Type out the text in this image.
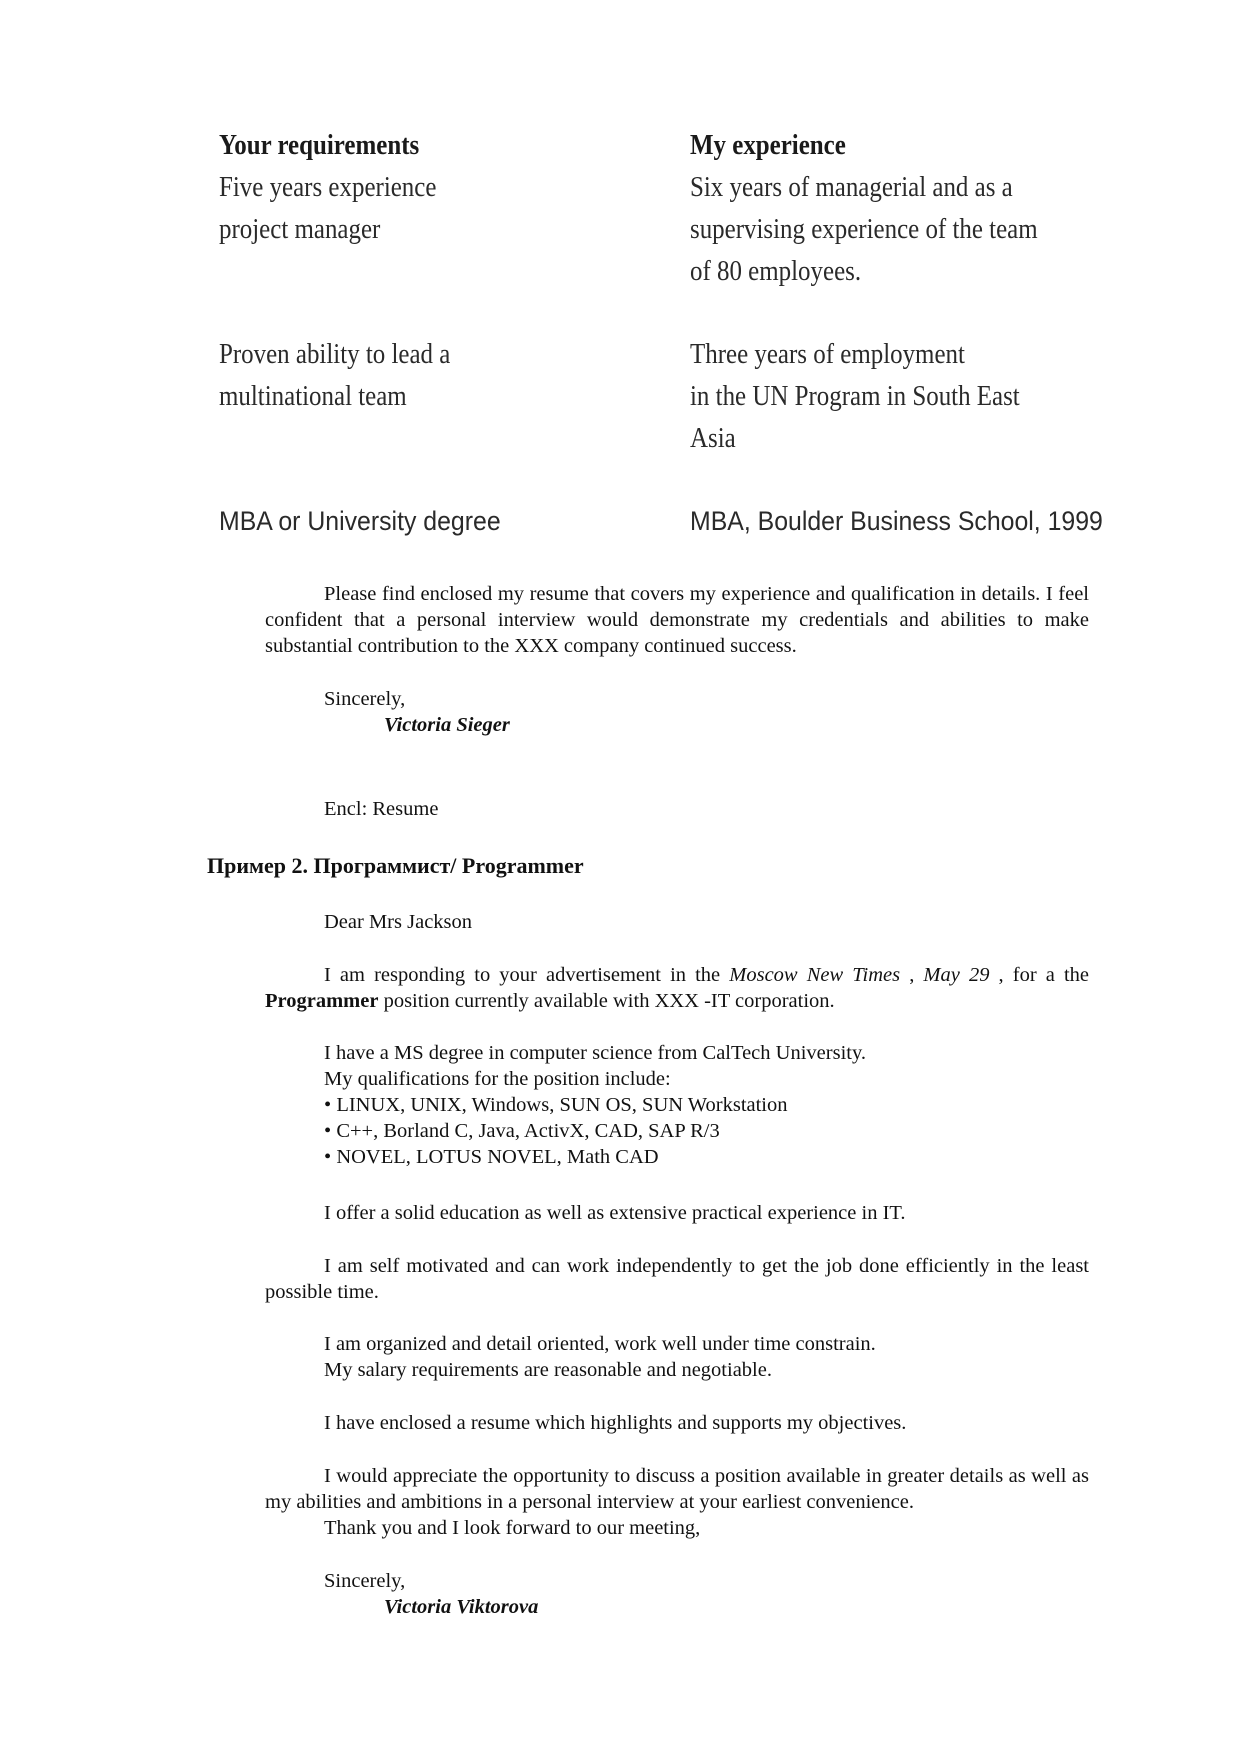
Your requirements	My experience
Five years experience
project manager
Six years of managerial and as a
supervising experience of the team
of 80 employees.
Proven ability to lead a
multinational team
Three years of employment
in the UN Program in South East
Asia
MBA or University degree	MBA, Boulder Business School, 1999
Please find enclosed my resume that covers my experience and qualification in details. I feel confident that a personal interview would demonstrate my credentials and abilities to make substantial contribution to the XXX company continued success.
Sincerely,
Victoria Sieger
Encl: Resume
Пример 2. Программист/ Programmer
Dear Mrs Jackson
I am responding to your advertisement in the Moscow New Times , May 29 , for a the Programmer position currently available with XXX -IT corporation.
I have a MS degree in computer science from CalTech University.
My qualifications for the position include:
• LINUX, UNIX, Windows, SUN OS, SUN Workstation
• C++, Borland C, Java, ActivX, CAD, SAP R/3
• NOVEL, LOTUS NOVEL, Math CAD
I offer a solid education as well as extensive practical experience in IT.
I am self motivated and can work independently to get the job done efficiently in the least possible time.
I am organized and detail oriented, work well under time constrain.
My salary requirements are reasonable and negotiable.
I have enclosed a resume which highlights and supports my objectives.
I would appreciate the opportunity to discuss a position available in greater details as well as my abilities and ambitions in a personal interview at your earliest convenience.
Thank you and I look forward to our meeting,
Sincerely,
Victoria Viktorova
